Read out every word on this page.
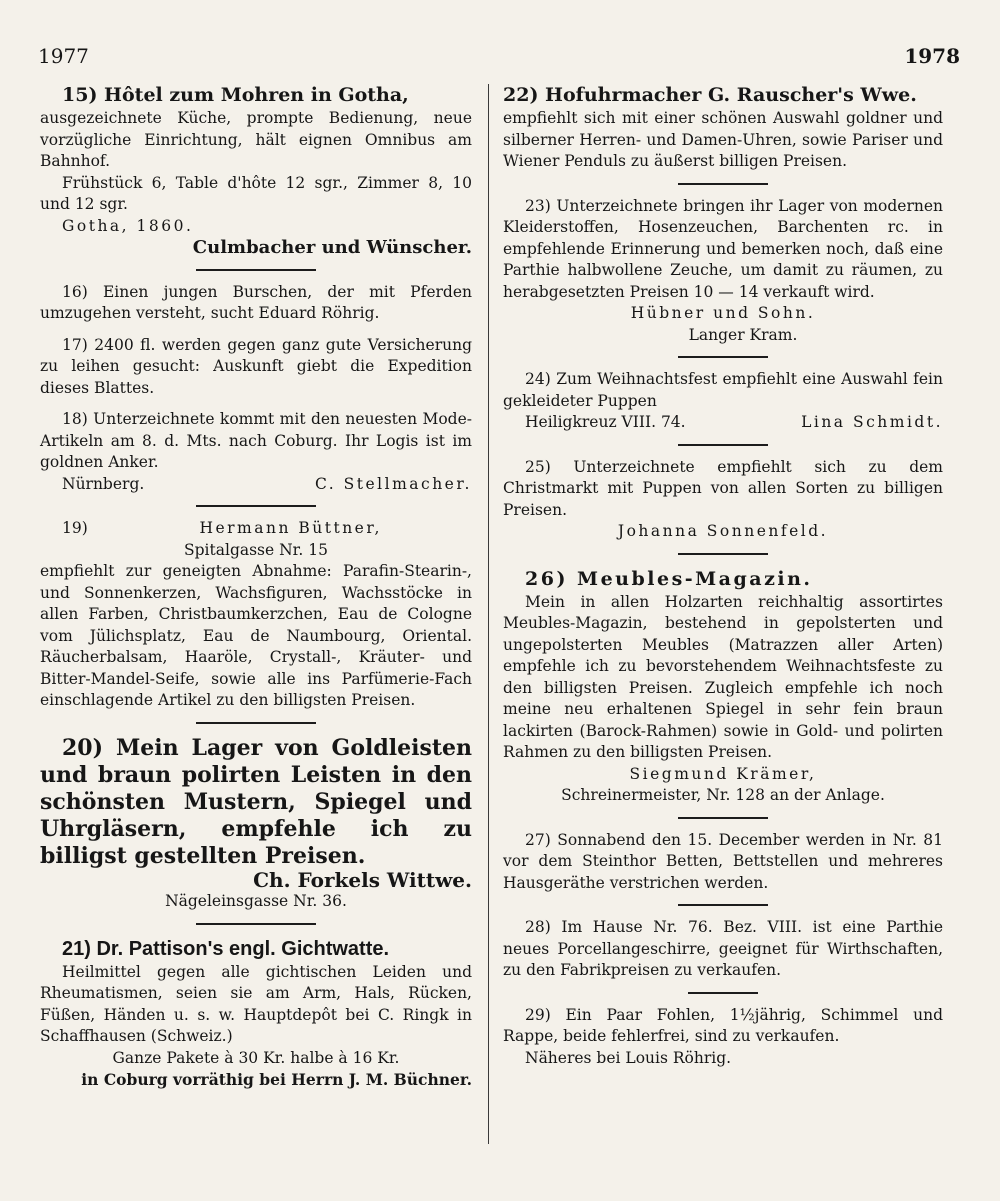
1977	1978

15) Hôtel zum Mohren in Gotha,

ausgezeichnete Küche, prompte Bedienung, neue vorzügliche Einrichtung, hält eignen Omnibus am Bahnhof.

Frühstück 6, Table d'hôte 12 sgr., Zimmer 8, 10 und 12 sgr.

Gotha, 1860.

Culmbacher und Wünscher.

16) Einen jungen Burschen, der mit Pferden umzugehen versteht, sucht Eduard Röhrig.

17) 2400 fl. werden gegen ganz gute Versicherung zu leihen gesucht: Auskunft giebt die Expedition dieses Blattes.

18) Unterzeichnete kommt mit den neuesten Mode-Artikeln am 8. d. Mts. nach Coburg. Ihr Logis ist im goldnen Anker.

Nürnberg.	C. Stellmacher.
19)	Hermann Büttner,

Spitalgasse Nr. 15

empfiehlt zur geneigten Abnahme: Parafin-Stearin-, und Sonnenkerzen, Wachsfiguren, Wachsstöcke in allen Farben, Christbaumkerzchen, Eau de Cologne vom Jülichsplatz, Eau de Naumbourg, Oriental. Räucherbalsam, Haaröle, Crystall-, Kräuter- und Bitter-Mandel-Seife, sowie alle ins Parfümerie-Fach einschlagende Artikel zu den billigsten Preisen.

20) Mein Lager von Goldleisten und braun polirten Leisten in den schönsten Mustern, Spiegel und Uhrgläsern, empfehle ich zu billigst gestellten Preisen.

Ch. Forkels Wittwe.

Nägeleinsgasse Nr. 36.

21) Dr. Pattison's engl. Gichtwatte.

Heilmittel gegen alle gichtischen Leiden und Rheumatismen, seien sie am Arm, Hals, Rücken, Füßen, Händen u. s. w. Hauptdepôt bei C. Ringk in Schaffhausen (Schweiz.)

Ganze Pakete à 30 Kr. halbe à 16 Kr.

in Coburg vorräthig bei Herrn J. M. Büchner.

22) Hofuhrmacher G. Rauscher's Wwe.

empfiehlt sich mit einer schönen Auswahl goldner und silberner Herren- und Damen-Uhren, sowie Pariser und Wiener Penduls zu äußerst billigen Preisen.

23) Unterzeichnete bringen ihr Lager von modernen Kleiderstoffen, Hosenzeuchen, Barchenten rc. in empfehlende Erinnerung und bemerken noch, daß eine Parthie halbwollene Zeuche, um damit zu räumen, zu herabgesetzten Preisen 10 — 14 verkauft wird.

Hübner und Sohn.

Langer Kram.

24) Zum Weihnachtsfest empfiehlt eine Auswahl fein gekleideter Puppen

Heiligkreuz VIII. 74.	Lina Schmidt.

25) Unterzeichnete empfiehlt sich zu dem Christmarkt mit Puppen von allen Sorten zu billigen Preisen.

Johanna Sonnenfeld.

26) Meubles-Magazin.

Mein in allen Holzarten reichhaltig assortirtes Meubles-Magazin, bestehend in gepolsterten und ungepolsterten Meubles (Matrazzen aller Arten) empfehle ich zu bevorstehendem Weihnachtsfeste zu den billigsten Preisen. Zugleich empfehle ich noch meine neu erhaltenen Spiegel in sehr fein braun lackirten (Barock-Rahmen) sowie in Gold- und polirten Rahmen zu den billigsten Preisen.

Siegmund Krämer,

Schreinermeister, Nr. 128 an der Anlage.

27) Sonnabend den 15. December werden in Nr. 81 vor dem Steinthor Betten, Bettstellen und mehreres Hausgeräthe verstrichen werden.

28) Im Hause Nr. 76. Bez. VIII. ist eine Parthie neues Porcellangeschirre, geeignet für Wirthschaften, zu den Fabrikpreisen zu verkaufen.

29) Ein Paar Fohlen, 1½jährig, Schimmel und Rappe, beide fehlerfrei, sind zu verkaufen.

Näheres bei Louis Röhrig.
